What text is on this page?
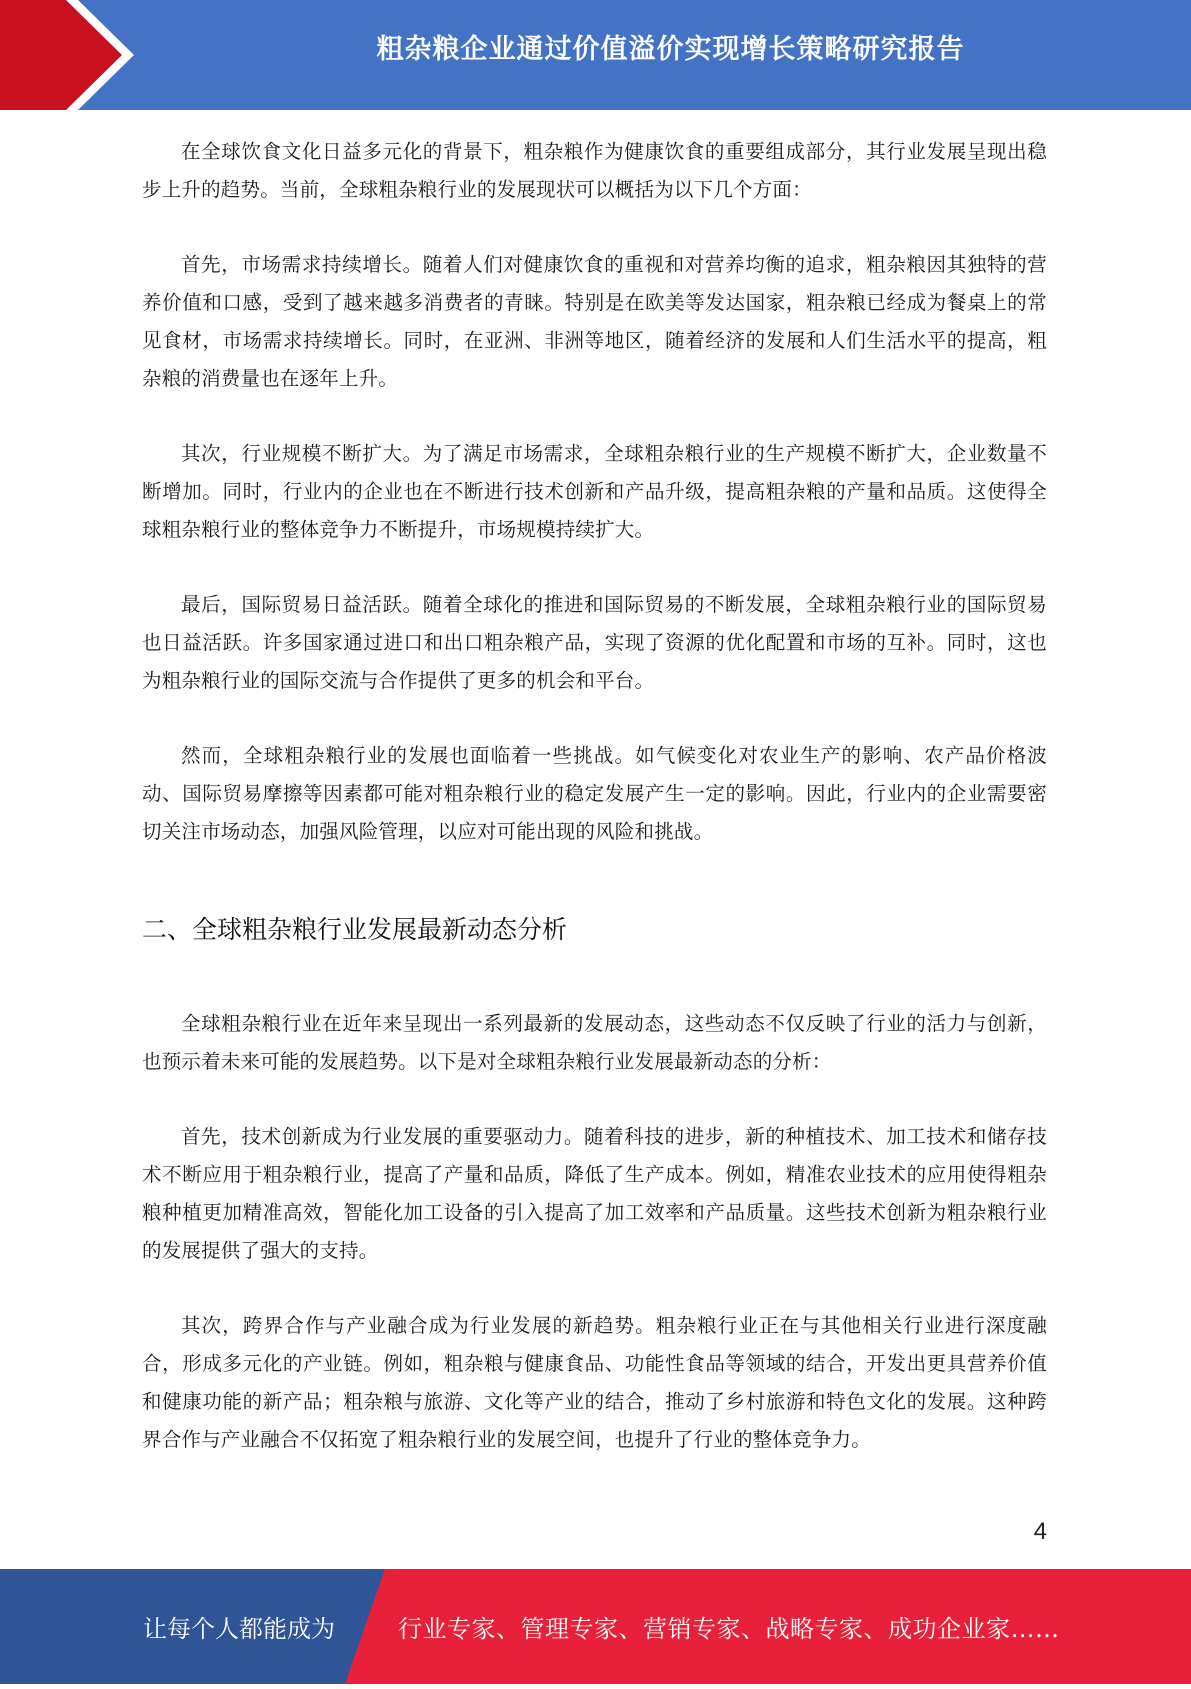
粗杂粮企业通过价值溢价实现增长策略研究报告

在全球饮食文化日益多元化的背景下，粗杂粮作为健康饮食的重要组成部分，其行业发展呈现出稳步上升的趋势。当前，全球粗杂粮行业的发展现状可以概括为以下几个方面：

首先，市场需求持续增长。随着人们对健康饮食的重视和对营养均衡的追求，粗杂粮因其独特的营养价值和口感，受到了越来越多消费者的青睐。特别是在欧美等发达国家，粗杂粮已经成为餐桌上的常见食材，市场需求持续增长。同时，在亚洲、非洲等地区，随着经济的发展和人们生活水平的提高，粗杂粮的消费量也在逐年上升。

其次，行业规模不断扩大。为了满足市场需求，全球粗杂粮行业的生产规模不断扩大，企业数量不断增加。同时，行业内的企业也在不断进行技术创新和产品升级，提高粗杂粮的产量和品质。这使得全球粗杂粮行业的整体竞争力不断提升，市场规模持续扩大。

最后，国际贸易日益活跃。随着全球化的推进和国际贸易的不断发展，全球粗杂粮行业的国际贸易也日益活跃。许多国家通过进口和出口粗杂粮产品，实现了资源的优化配置和市场的互补。同时，这也为粗杂粮行业的国际交流与合作提供了更多的机会和平台。

然而，全球粗杂粮行业的发展也面临着一些挑战。如气候变化对农业生产的影响、农产品价格波动、国际贸易摩擦等因素都可能对粗杂粮行业的稳定发展产生一定的影响。因此，行业内的企业需要密切关注市场动态，加强风险管理，以应对可能出现的风险和挑战。

二、全球粗杂粮行业发展最新动态分析

全球粗杂粮行业在近年来呈现出一系列最新的发展动态，这些动态不仅反映了行业的活力与创新，也预示着未来可能的发展趋势。以下是对全球粗杂粮行业发展最新动态的分析：

首先，技术创新成为行业发展的重要驱动力。随着科技的进步，新的种植技术、加工技术和储存技术不断应用于粗杂粮行业，提高了产量和品质，降低了生产成本。例如，精准农业技术的应用使得粗杂粮种植更加精准高效，智能化加工设备的引入提高了加工效率和产品质量。这些技术创新为粗杂粮行业的发展提供了强大的支持。

其次，跨界合作与产业融合成为行业发展的新趋势。粗杂粮行业正在与其他相关行业进行深度融合，形成多元化的产业链。例如，粗杂粮与健康食品、功能性食品等领域的结合，开发出更具营养价值和健康功能的新产品；粗杂粮与旅游、文化等产业的结合，推动了乡村旅游和特色文化的发展。这种跨界合作与产业融合不仅拓宽了粗杂粮行业的发展空间，也提升了行业的整体竞争力。

4
让每个人都能成为	行业专家、管理专家、营销专家、战略专家、成功企业家……
